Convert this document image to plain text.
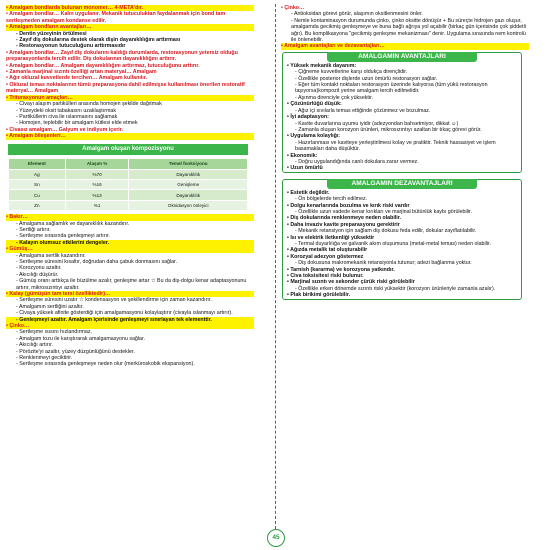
• Amalgam bondlarda bulunan monomer… 4-META'dır.

• Amalgam bondlar… Kalın uygulanır. Mekanik tutuculuktan faydalanmak için bond tam sertleşmeden amalgam kondanse edilir.

• Amalgam bondların avantajları…

- Dentin yüzeyinin örtülmesi

- Zayıf diş dokularına destek olarak dişin dayanıklılığını arttırması

- Restorasyonun tutuculuğunu arttırmasıdır

• Amalgam bondlar… Zayıf diş dokularını kaldığı durumlarda, restorasyonun yetersiz olduğu preparasyonlarda tercih edilir. Diş dokularının dayanıklılığını arttırır.

• Amalgam bondlar… Amalgam dayanıklılığını arttırmaz, tutuculuğunu arttırır.

• Zamanla marjinal sızıntı özelliği artan materyal… Amalgam

• Ağır okluzal kuvvetlerde tercihen… Amalgam kullanılır.

• Okluzal temas noktalarının tümü preparasyona dahil edilmişse kullanılması önerilen restoratif materyal… Amalgam

• Triturasyonun amaçları…

- Civayı alaşım partikülleri arasında homojen şekilde dağıtmak

- Yüzeydeki oksit tabakasını uzaklaştırmak

- Partiküllerin civa ile ıslanmasını sağlamak

- Homojen, teplebilir bir amalgam kütlesi elde etmek

• Civasız amalgam… Galyum ve indiyum içerir.

• Amalgam bileşenleri…

Amalgam oluşan kompozisyonu
Element	Alaşım %	Temel fonksiyonu
Ag	%70	Dayanıklılık
Sn	%16	Genişleme
Cu	%13	Dayanıklılık
Zn	%1	Oksidasyon önleyici

• Bakır…

- Amalgama sağlamlık ve dayanıklılık kazandırır.

- Sertliği artırır.

- Sertleşme sırasında genleşmeyi artırır.

- Kalayın olumsuz etkilerini dengeler.

• Gümüş…

- Amalgama sertlik kazandırır.

- Sertleşme süresini kısaltır, doğrudan daha çabuk donmasını sağlar.

- Korozyonu azaltır.

- Akıcılığı düşürür.

- Gümüş oranı arttıkça ile büzülme azalır, genleşme artar ☆ Bu da diş-dolgu kenar adaptasyonunu artırır, mikrosızıntıyı azaltır.

• Kalay (gümüşün tam tersi özelliktedir)…

- Sertleşme süresini uzatır ☆ kondensasyon ve şekillendirme için zaman kazandırır.

- Amalgamın sertliğini azaltır.

- Civaya yüksek afinite gösterdiği için amalgamasyonu kolaylaştırır (civayla ıslanmayı artırır).

- Genleşmeyi azaltır. Amalgam içerisinde genleşmeyi sınırlayan tek elementtir.

• Çinko…

- Sertleşme ısısını hızlandırmaz.

- Amalgam tozu ile karıştırarak amalgamasyonu sağlar.

- Akıcılığı artırır.

- Pörözite'yi azaltır, yüzey düzgünlüğünü destekler.

- Renklenmeyi geciktirir.

- Sertleşme sırasında genleşmeye neden olur (merküroskobik ekspansiyon).

• Çinko…

- Antioksidan görevi görür, alaşımın oksitlenmesini önler.

- Nemle kontaminasyon durumunda çinko, çinko oksitte dönüşür + Bu süreçte hidrojen gazı oluşur, amalgamda gecikmiş genleşmeye ve buna bağlı ağrıya yol açabilir (birkaç gün içerisinde çok şiddetli ağrı). Bu komplikasyona "gecikmiş genleşme mekanizması" denir. Uygulama sırasında nem kontrolü ile önlenebilir.

• Amalgam avantajları ve dezavantajları…

AMALGAMIN AVANTAJLARI

• Yüksek mekanik dayanım:

- Çiğneme kuvvetlerine karşı oldukça dirençlidir.

- Özellikle posterior dişlerde uzun ömürlü restorasyon sağlar.

- Eğer tüm kontakt noktaları restorasyon üzerinde kalıyorsa (tüm yükü restorasyon taşıyorsa)kompozit yerine amalgam tercih edilmelidir.

- Aşınma direnciyle çok yüksektir.

• Çözünürlüğü düşük:

- Ağız içi sıvılarla temas ettiğinde çözünmez ve bozulmaz.

• İyi adaptasyon:

- Kavite duvarlarına uyumu iyidir (adezyondan bahsetmiyor, dikkat ☺)

- Zamanla oluşan korozyon ürünleri, mikrosızıntıyı azaltan bir tıkaç görevi görür.

• Uygulama kolaylığı:

- Hazırlanması ve kaviteye yerleştirilmesi kolay ve pratiktir. Teknik hassasiyet ve işlem basamakları daha düşüktür.

• Ekonomik:

- Doğru uygulandığında canlı dokulara zarar vermez.

• Uzun ömürlü

AMALGAMIN DEZAVANTAJLARI

• Estetik değildir.

- Ön bölgelerde tercih edilmez.

• Dolgu kenarlarında bozulma ve kırık riski vardır

- Özellikle uzun vadede kenar kırıkları ve marjinal bütünlük kaybı görülebilir.

• Diş dokularında renklenmeye neden olabilir.

• Daha invaziv kavite preparasyonu gerektirir

- Mekanik retansiyon için sağlam diş dokusu feda edilir, dokular zayıflatılabilir.

• Isı ve elektrik iletkenliği yüksektir

- Termal duyarlılığa ve galvanik akım oluşumuna (metal-metal temas) neden olabilir.

• Ağızda metalik tat oluşturabilir

• Korozyal adezyon göstermez

- Diş dokusuna makromekanik retansiyonla tutunur; adezi bağlanma yoktur.

• Tarnish (kararma) ve korozyona yatkındır.

• Civa toksisitesi riski bulunur.

• Marjinal sızıntı ve sekonder çürük riski görülebilir

- Özellikle erken dönemde sızıntı riski yüksektir (korozyon ürünleriyle zamanla azalır).

• Plak birikimi görülebilir.

45
